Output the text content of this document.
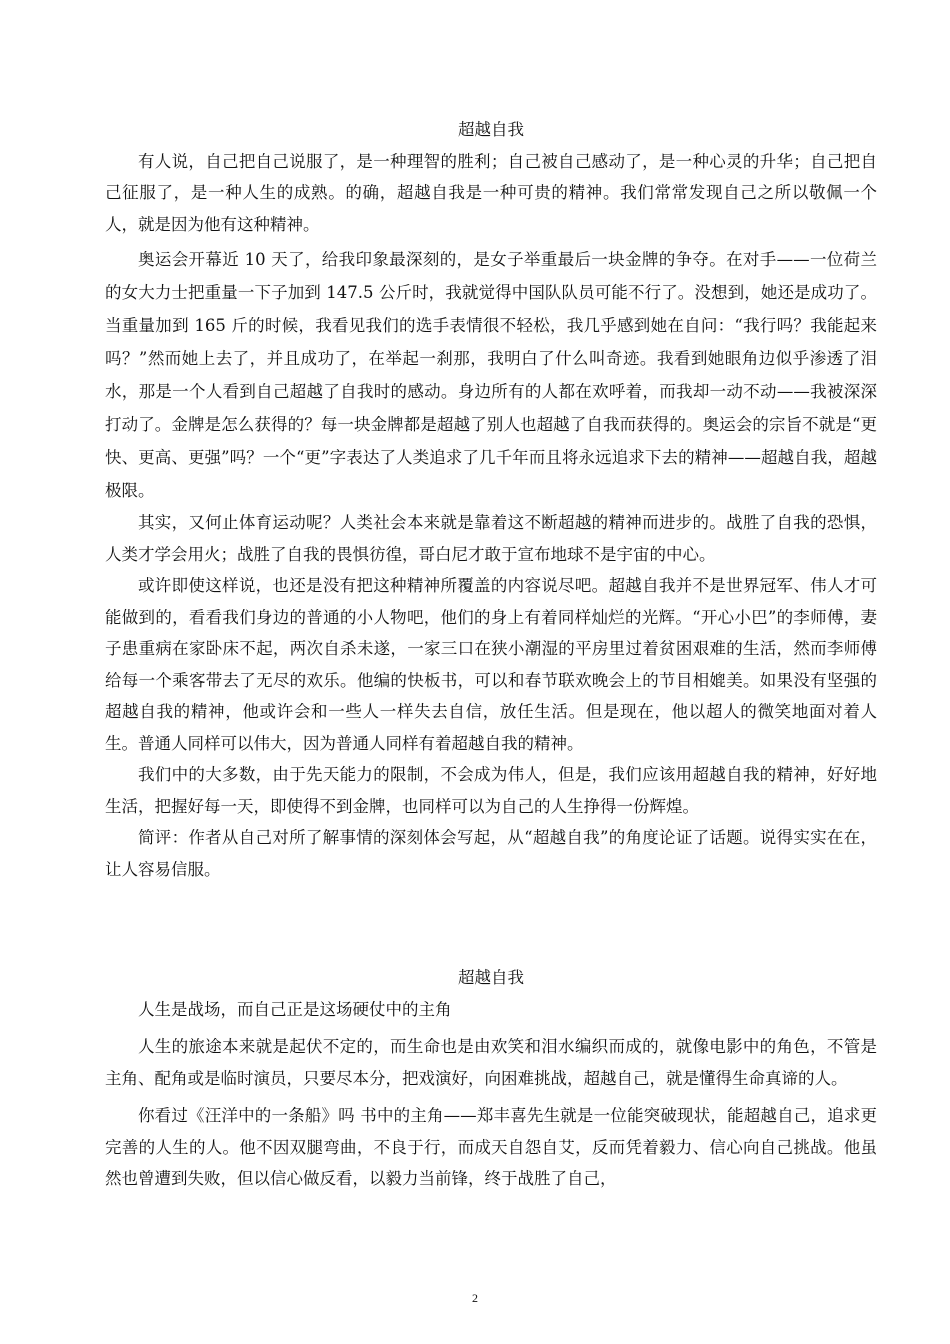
超越自我

有人说，自己把自己说服了，是一种理智的胜利；自己被自己感动了，是一种心灵的升华；自己把自己征服了，是一种人生的成熟。的确，超越自我是一种可贵的精神。我们常常发现自己之所以敬佩一个人，就是因为他有这种精神。

奥运会开幕近 10 天了，给我印象最深刻的，是女子举重最后一块金牌的争夺。在对手——一位荷兰的女大力士把重量一下子加到 147.5 公斤时，我就觉得中国队队员可能不行了。没想到，她还是成功了。当重量加到 165 斤的时候，我看见我们的选手表情很不轻松，我几乎感到她在自问：“我行吗？我能起来吗？”然而她上去了，并且成功了，在举起一刹那，我明白了什么叫奇迹。我看到她眼角边似乎渗透了泪水，那是一个人看到自己超越了自我时的感动。身边所有的人都在欢呼着，而我却一动不动——我被深深打动了。金牌是怎么获得的？每一块金牌都是超越了别人也超越了自我而获得的。奥运会的宗旨不就是“更快、更高、更强”吗？一个“更”字表达了人类追求了几千年而且将永远追求下去的精神——超越自我，超越极限。

其实，又何止体育运动呢？人类社会本来就是靠着这不断超越的精神而进步的。战胜了自我的恐惧，人类才学会用火；战胜了自我的畏惧彷徨，哥白尼才敢于宣布地球不是宇宙的中心。

或许即使这样说，也还是没有把这种精神所覆盖的内容说尽吧。超越自我并不是世界冠军、伟人才可能做到的，看看我们身边的普通的小人物吧，他们的身上有着同样灿烂的光辉。“开心小巴”的李师傅，妻子患重病在家卧床不起，两次自杀未遂，一家三口在狭小潮湿的平房里过着贫困艰难的生活，然而李师傅给每一个乘客带去了无尽的欢乐。他编的快板书，可以和春节联欢晚会上的节目相媲美。如果没有坚强的超越自我的精神，他或许会和一些人一样失去自信，放任生活。但是现在，他以超人的微笑地面对着人生。普通人同样可以伟大，因为普通人同样有着超越自我的精神。

我们中的大多数，由于先天能力的限制，不会成为伟人，但是，我们应该用超越自我的精神，好好地生活，把握好每一天，即使得不到金牌，也同样可以为自己的人生挣得一份辉煌。

简评：作者从自己对所了解事情的深刻体会写起，从“超越自我”的角度论证了话题。说得实实在在，让人容易信服。

超越自我

人生是战场，而自己正是这场硬仗中的主角

人生的旅途本来就是起伏不定的，而生命也是由欢笑和泪水编织而成的，就像电影中的角色，不管是主角、配角或是临时演员，只要尽本分，把戏演好，向困难挑战，超越自己，就是懂得生命真谛的人。

你看过《汪洋中的一条船》吗 书中的主角——郑丰喜先生就是一位能突破现状，能超越自己，追求更完善的人生的人。他不因双腿弯曲，不良于行，而成天自怨自艾，反而凭着毅力、信心向自己挑战。他虽然也曾遭到失败，但以信心做反看，以毅力当前锋，终于战胜了自己，

2
